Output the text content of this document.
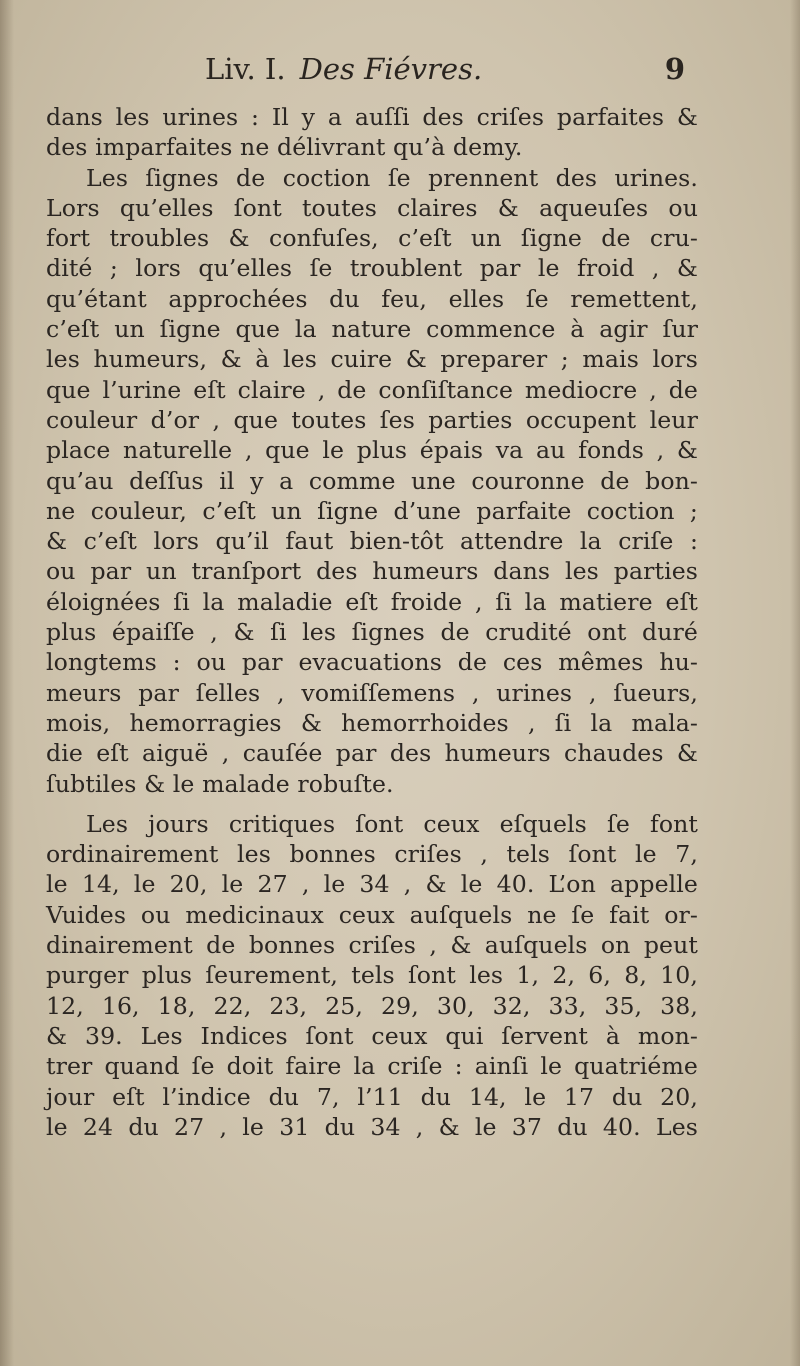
Liv. I. Des Fiévres.	9
dans les urines : Il y a auſſi des criſes parfaites &
des imparfaites ne délivrant qu’à demy.
Les ſignes de coction ſe prennent des urines.
Lors qu’elles ſont toutes claires & aqueuſes ou
fort troubles & confuſes, c’eſt un ſigne de cru-
dité ; lors qu’elles ſe troublent par le froid , &
qu’étant approchées du feu, elles ſe remettent,
c’eſt un ſigne que la nature commence à agir ſur
les humeurs, & à les cuire & preparer ; mais lors
que l’urine eſt claire , de conſiſtance mediocre , de
couleur d’or , que toutes ſes parties occupent leur
place naturelle , que le plus épais va au fonds , &
qu’au deſſus il y a comme une couronne de bon-
ne couleur, c’eſt un ſigne d’une parfaite coction ;
& c’eſt lors qu’il faut bien-tôt attendre la criſe :
ou par un tranſport des humeurs dans les parties
éloignées ſi la maladie eſt froide , ſi la matiere eſt
plus épaiſſe , & ſi les ſignes de crudité ont duré
longtems : ou par evacuations de ces mêmes hu-
meurs par ſelles , vomiſſemens , urines , ſueurs,
mois, hemorragies & hemorrhoides , ſi la mala-
die eſt aiguë , cauſée par des humeurs chaudes &
ſubtiles & le malade robuſte.
Les jours critiques ſont ceux eſquels ſe font
ordinairement les bonnes criſes , tels ſont le 7,
le 14, le 20, le 27 , le 34 , & le 40. L’on appelle
Vuides ou medicinaux ceux auſquels ne ſe fait or-
dinairement de bonnes criſes , & auſquels on peut
purger plus ſeurement, tels ſont les 1, 2, 6, 8, 10,
12, 16, 18, 22, 23, 25, 29, 30, 32, 33, 35, 38,
& 39. Les Indices ſont ceux qui ſervent à mon-
trer quand ſe doit faire la criſe : ainſi le quatriéme
jour eſt l’indice du 7, l’11 du 14, le 17 du 20,
le 24 du 27 , le 31 du 34 , & le 37 du 40. Les
